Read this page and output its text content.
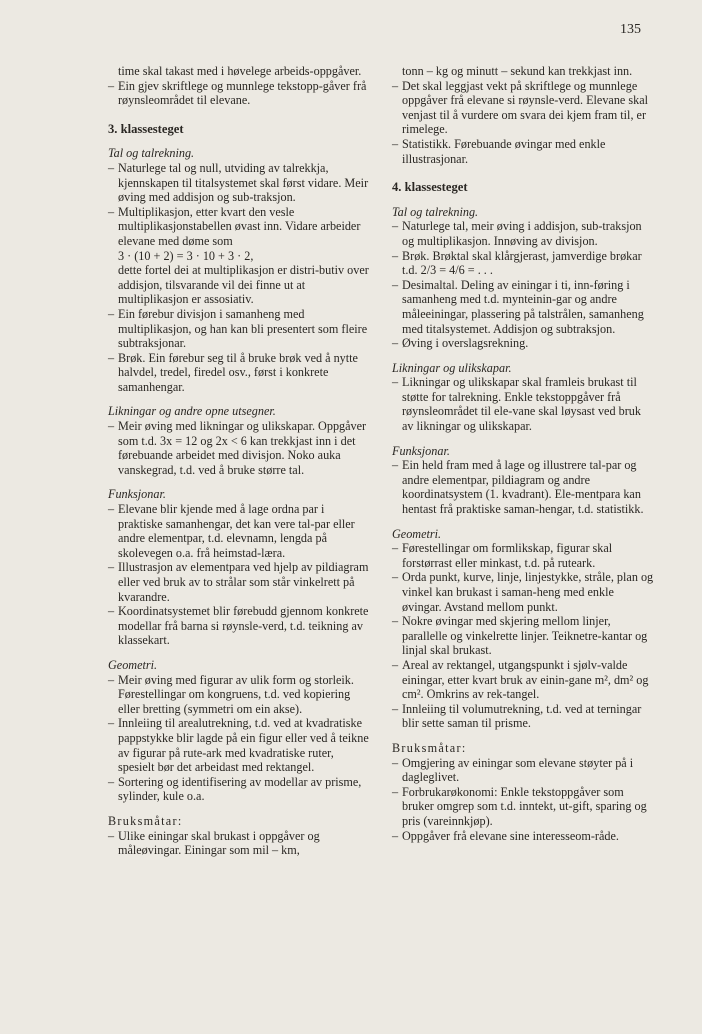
135
time skal takast med i høvelege arbeids-oppgåver.
– Ein gjev skriftlege og munnlege tekstopp-gåver frå røynsleområdet til elevane.
3. klassesteget
Tal og talrekning.
– Naturlege tal og null, utviding av talrekkja, kjennskapen til titalsystemet skal først vidare. Meir øving med addisjon og sub-traksjon.
– Multiplikasjon, etter kvart den vesle multiplikasjonstabellen øvast inn. Vidare arbeider elevane med døme som
3 · (10 + 2) = 3 · 10 + 3 · 2,
dette fortel dei at multiplikasjon er distri-butiv over addisjon, tilsvarande vil dei finne ut at multiplikasjon er assosiativ.
– Ein førebur divisjon i samanheng med multiplikasjon, og han kan bli presentert som fleire subtraksjonar.
– Brøk. Ein førebur seg til å bruke brøk ved å nytte halvdel, tredel, firedel osv., først i konkrete samanhengar.
Likningar og andre opne utsegner.
– Meir øving med likningar og ulikskapar. Oppgåver som t.d. 3x = 12 og 2x < 6 kan trekkjast inn i det førebuande arbeidet med divisjon. Noko auka vanskegrad, t.d. ved å bruke større tal.
Funksjonar.
– Elevane blir kjende med å lage ordna par i praktiske samanhengar, det kan vere tal-par eller andre elementpar, t.d. elevnamn, lengda på skolevegen o.a. frå heimstad-læra.
– Illustrasjon av elementpara ved hjelp av pildiagram eller ved bruk av to strålar som står vinkelrett på kvarandre.
– Koordinatsystemet blir førebudd gjennom konkrete modellar frå barna si røynsle-verd, t.d. teikning av klassekart.
Geometri.
– Meir øving med figurar av ulik form og storleik. Førestellingar om kongruens, t.d. ved kopiering eller bretting (symmetri om ein akse).
– Innleiing til arealutrekning, t.d. ved at kvadratiske pappstykke blir lagde på ein figur eller ved å teikne av figurar på rute-ark med kvadratiske ruter, spesielt bør det arbeidast med rektangel.
– Sortering og identifisering av modellar av prisme, sylinder, kule o.a.
Bruksmåtar:
– Ulike einingar skal brukast i oppgåver og måleøvingar. Einingar som mil – km,
tonn – kg og minutt – sekund kan trekkjast inn.
– Det skal leggjast vekt på skriftlege og munnlege oppgåver frå elevane si røynsle-verd. Elevane skal venjast til å vurdere om svara dei kjem fram til, er rimelege.
– Statistikk. Førebuande øvingar med enkle illustrasjonar.
4. klassesteget
Tal og talrekning.
– Naturlege tal, meir øving i addisjon, sub-traksjon og multiplikasjon. Innøving av divisjon.
– Brøk. Brøktal skal klårgjerast, jamverdige brøkar t.d. 2/3 = 4/6 = . . .
– Desimaltal. Deling av einingar i ti, inn-føring i samanheng med t.d. mynteinin-gar og andre måleeiningar, plassering på talstrålen, samanheng med titalsystemet. Addisjon og subtraksjon.
– Øving i overslagsrekning.
Likningar og ulikskapar.
– Likningar og ulikskapar skal framleis brukast til støtte for talrekning. Enkle tekstoppgåver frå røynsleområdet til ele-vane skal løysast ved bruk av likningar og ulikskapar.
Funksjonar.
– Ein held fram med å lage og illustrere tal-par og andre elementpar, pildiagram og andre koordinatsystem (1. kvadrant). Ele-mentpara kan hentast frå praktiske saman-hengar, t.d. statistikk.
Geometri.
– Førestellingar om formlikskap, figurar skal forstørrast eller minkast, t.d. på ruteark.
– Orda punkt, kurve, linje, linjestykke, stråle, plan og vinkel kan brukast i saman-heng med enkle øvingar. Avstand mellom punkt.
– Nokre øvingar med skjering mellom linjer, parallelle og vinkelrette linjer. Teiknetre-kantar og linjal skal brukast.
– Areal av rektangel, utgangspunkt i sjølv-valde einingar, etter kvart bruk av einin-gane m², dm² og cm². Omkrins av rek-tangel.
– Innleiing til volumutrekning, t.d. ved at terningar blir sette saman til prisme.
Bruksmåtar:
– Omgjering av einingar som elevane støyter på i dagleglivet.
– Forbrukarøkonomi: Enkle tekstoppgåver som bruker omgrep som t.d. inntekt, ut-gift, sparing og pris (vareinnkjøp).
– Oppgåver frå elevane sine interesseom-råde.
